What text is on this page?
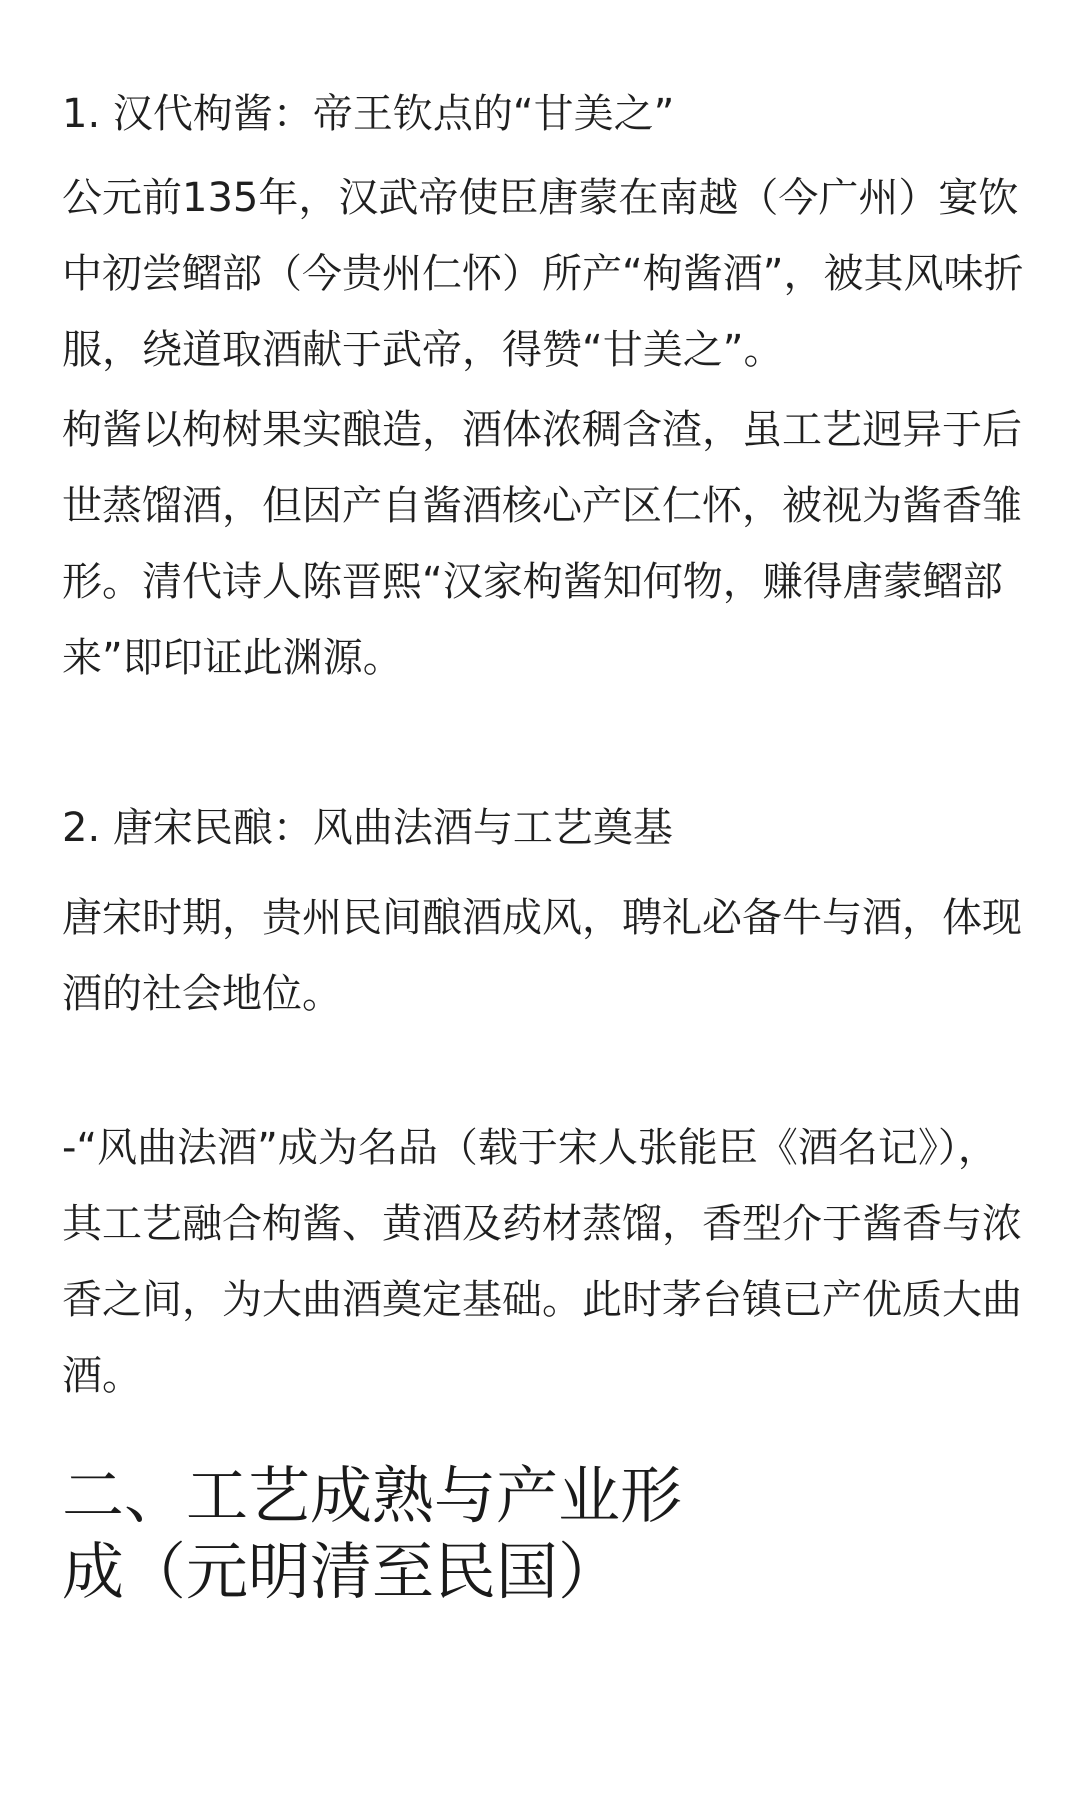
1. 汉代枸酱：帝王钦点的“甘美之”

公元前135年，汉武帝使臣唐蒙在南越（今广州）宴饮中初尝鳛部（今贵州仁怀）所产“枸酱酒”，被其风味折服，绕道取酒献于武帝，得赞“甘美之”。

枸酱以枸树果实酿造，酒体浓稠含渣，虽工艺迥异于后世蒸馏酒，但因产自酱酒核心产区仁怀，被视为酱香雏形。清代诗人陈晋熙“汉家枸酱知何物，赚得唐蒙鳛部来”即印证此渊源。

2. 唐宋民酿：风曲法酒与工艺奠基

唐宋时期，贵州民间酿酒成风，聘礼必备牛与酒，体现酒的社会地位。

-“风曲法酒”成为名品（载于宋人张能臣《酒名记》），其工艺融合枸酱、黄酒及药材蒸馏，香型介于酱香与浓香之间，为大曲酒奠定基础。此时茅台镇已产优质大曲酒。

二、工艺成熟与产业形成（元明清至民国）
